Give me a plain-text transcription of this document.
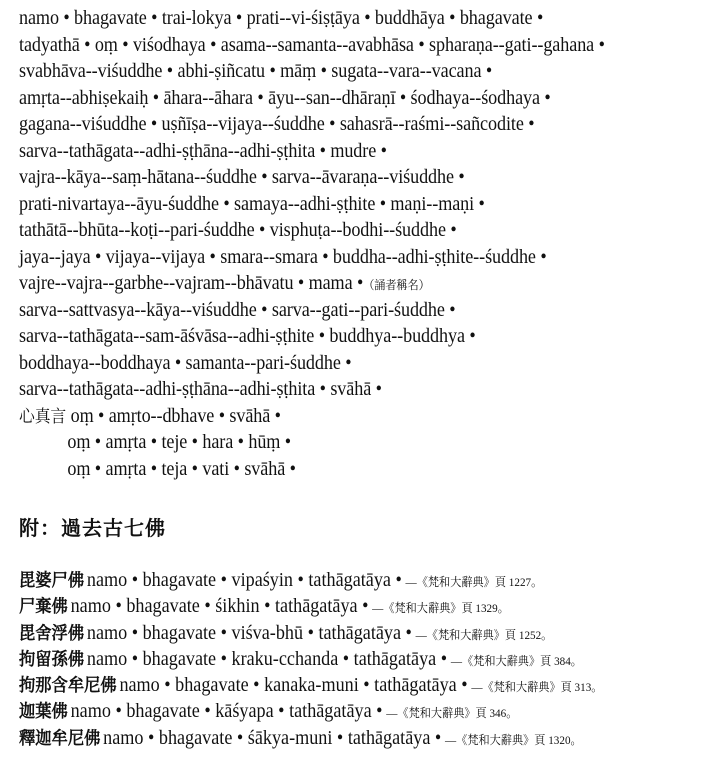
namo • bhagavate • trai-lokya • prati--vi-śiṣṭāya • buddhāya • bhagavate •
tadyathā • oṃ • viśodhaya • asama--samanta--avabhāsa • spharaṇa--gati--gahana •
svabhāva--viśuddhe • abhi-ṣiñcatu • māṃ • sugata--vara--vacana •
amṛta--abhiṣekaiḥ • āhara--āhara • āyu--san--dhāraṇī • śodhaya--śodhaya •
gagana--viśuddhe • uṣñīṣa--vijaya--śuddhe • sahasrā--raśmi--sañcodite •
sarva--tathāgata--adhi-ṣṭhāna--adhi-ṣṭhita • mudre •
vajra--kāya--saṃ-hātana--śuddhe • sarva--āvaraṇa--viśuddhe •
prati-nivartaya--āyu-śuddhe • samaya--adhi-ṣṭhite • maṇi--maṇi •
tathātā--bhūta--koṭi--pari-śuddhe • visphuṭa--bodhi--śuddhe •
jaya--jaya • vijaya--vijaya • smara--smara • buddha--adhi-ṣṭhite--śuddhe •
vajre--vajra--garbhe--vajram--bhāvatu • mama •（誦者稱名）
sarva--sattvasya--kāya--viśuddhe • sarva--gati--pari-śuddhe •
sarva--tathāgata--sam-āśvāsa--adhi-ṣṭhite • buddhya--buddhya •
boddhaya--boddhaya • samanta--pari-śuddhe •
sarva--tathāgata--adhi-ṣṭhāna--adhi-ṣṭhita • svāhā •
心真言 oṃ • amṛto--dbhave • svāhā •
oṃ • amṛta • teje • hara • hūṃ •
oṃ • amṛta • teja • vati • svāhā •
附：過去古七佛
毘婆尸佛 namo • bhagavate • vipaśyin • tathāgatāya • —《梵和大辭典》頁 1227。
尸棄佛 namo • bhagavate • śikhin • tathāgatāya • —《梵和大辭典》頁 1329。
毘舍浮佛 namo • bhagavate • viśva-bhū • tathāgatāya • —《梵和大辭典》頁 1252。
拘留孫佛 namo • bhagavate • kraku-cchanda • tathāgatāya • —《梵和大辭典》頁 384。
拘那含牟尼佛 namo • bhagavate • kanaka-muni • tathāgatāya • —《梵和大辭典》頁 313。
迦葉佛 namo • bhagavate • kāśyapa • tathāgatāya • —《梵和大辭典》頁 346。
釋迦牟尼佛 namo • bhagavate • śākya-muni • tathāgatāya • —《梵和大辭典》頁 1320。
